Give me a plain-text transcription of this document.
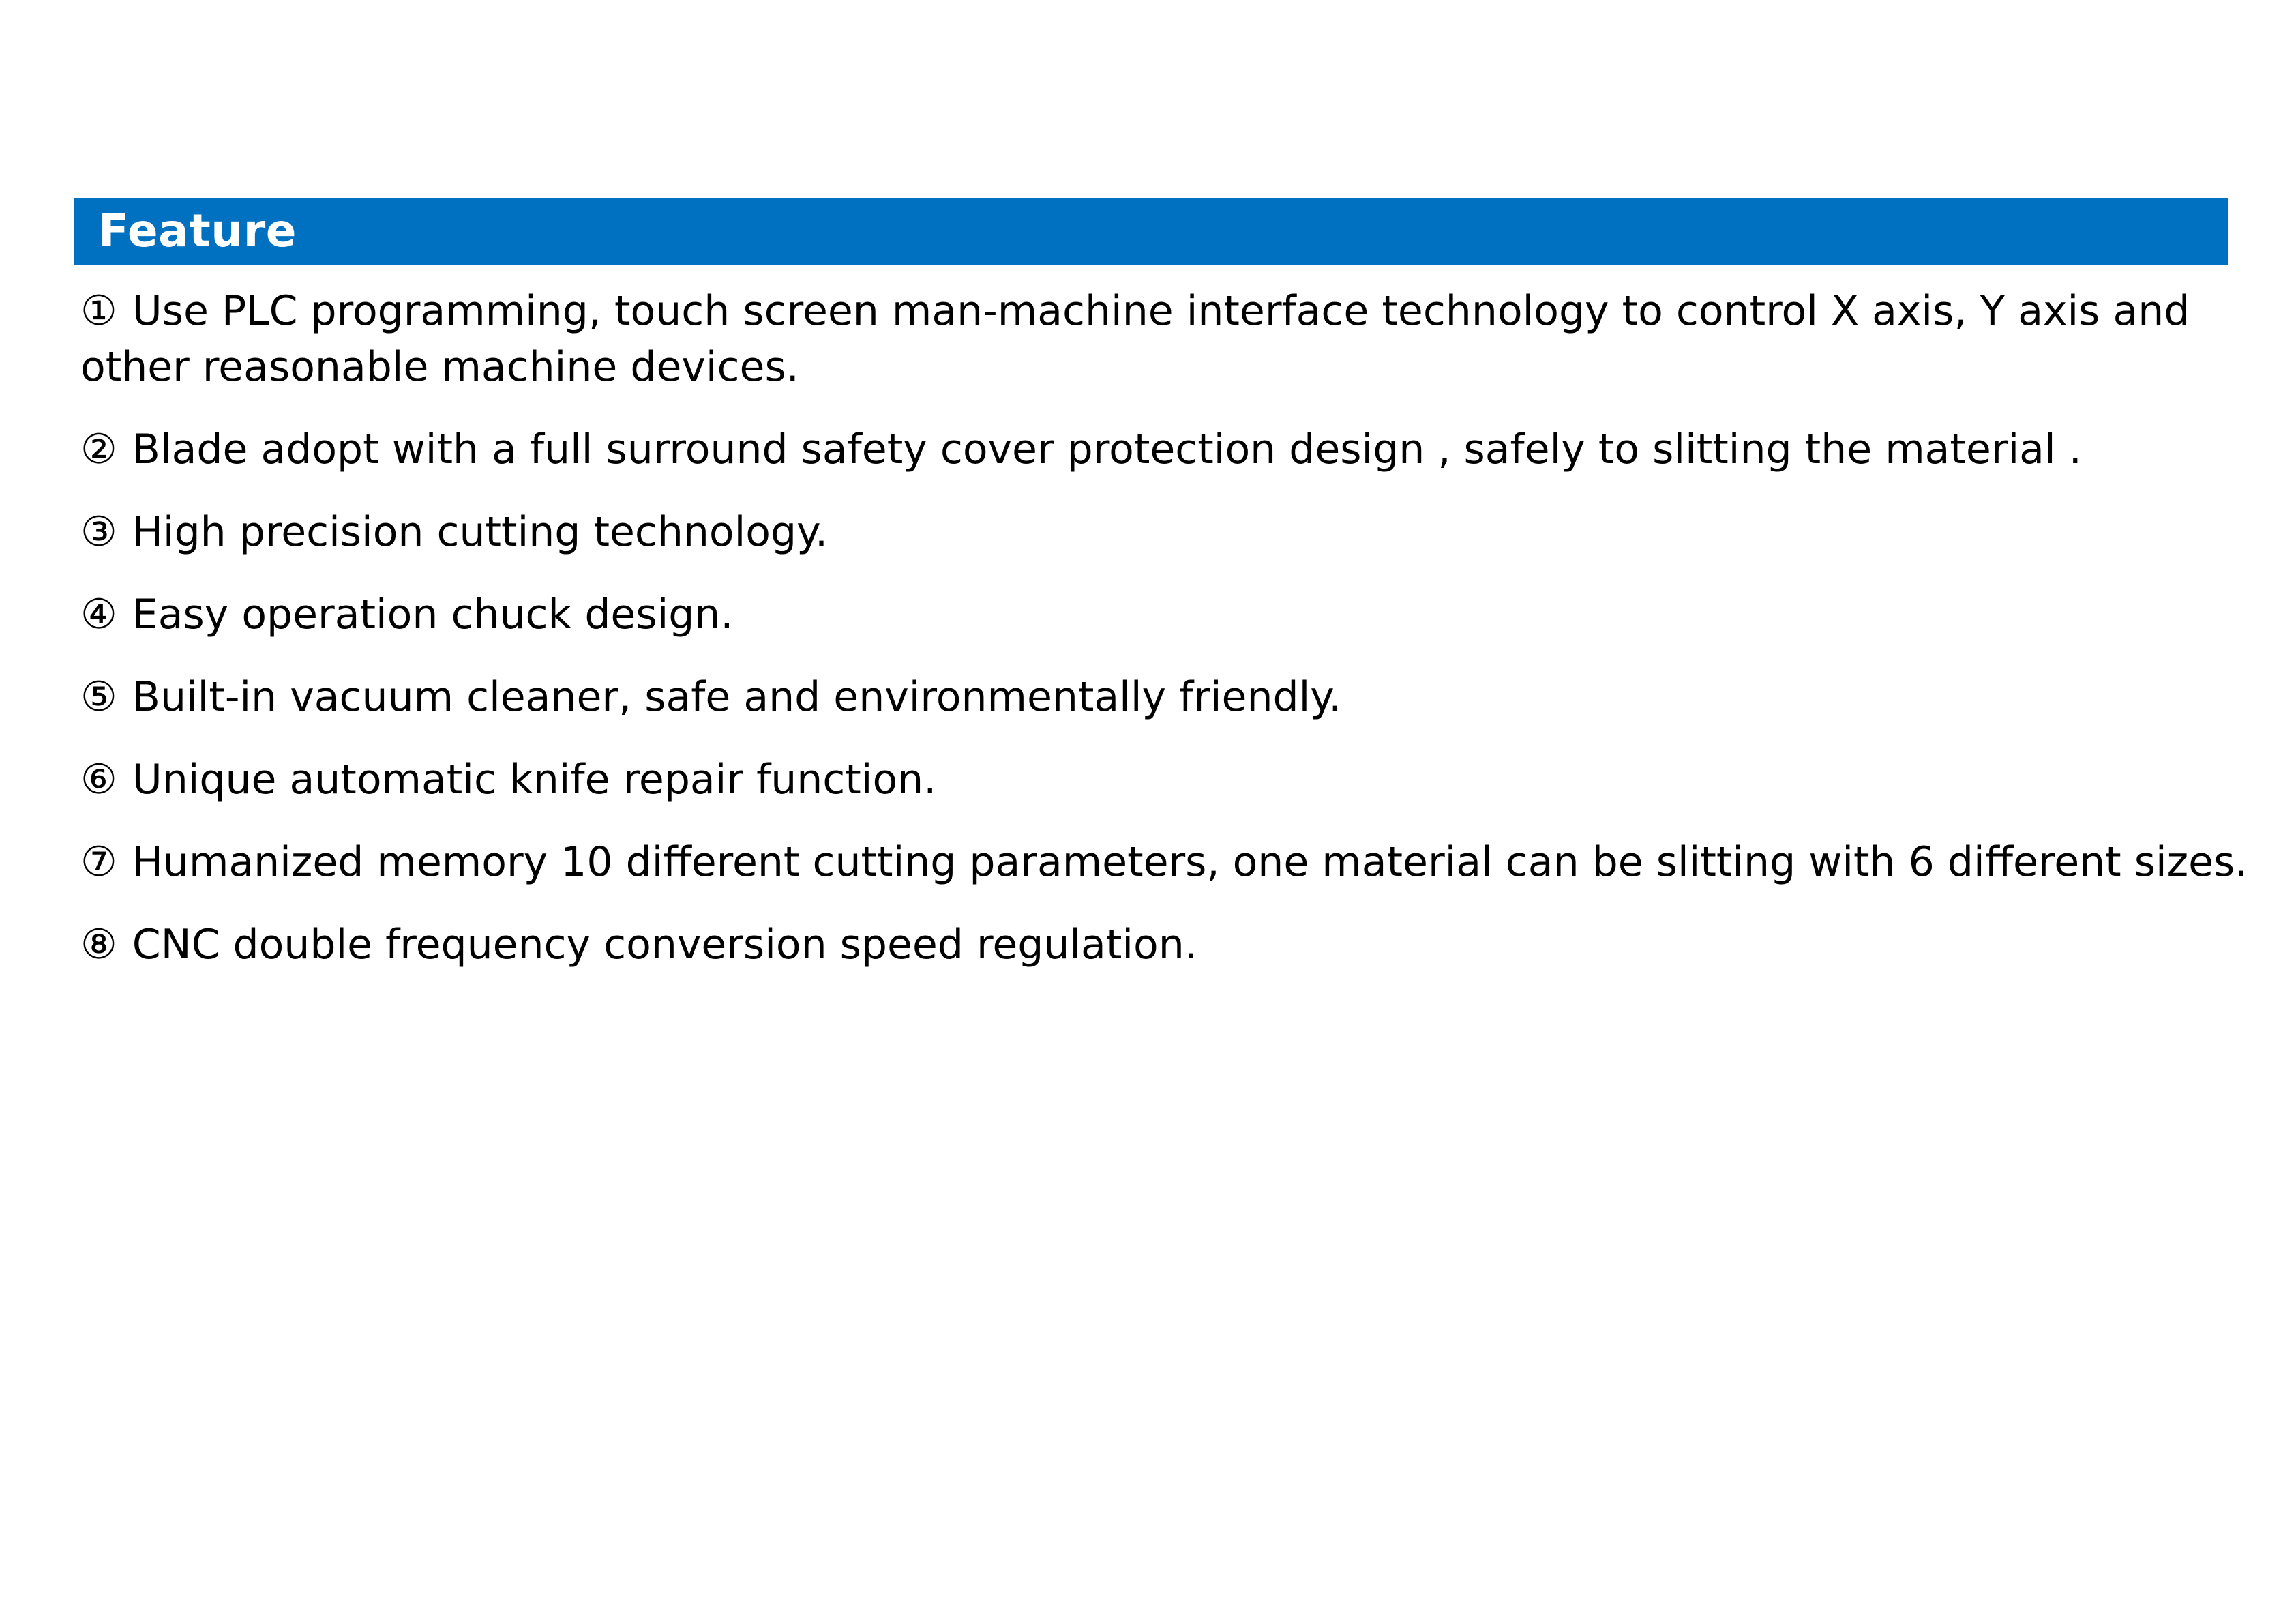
Feature
① Use PLC programming, touch screen man-machine interface technology to control X axis, Y axis and other reasonable machine devices.
② Blade adopt with a full surround safety cover protection design , safely to slitting the material .
③ High precision cutting technology.
④ Easy operation chuck design.
⑤ Built-in vacuum cleaner, safe and environmentally friendly.
⑥ Unique automatic knife repair function.
⑦ Humanized memory 10 different cutting parameters, one material can be slitting with 6 different sizes.
⑧ CNC double frequency conversion speed regulation.
